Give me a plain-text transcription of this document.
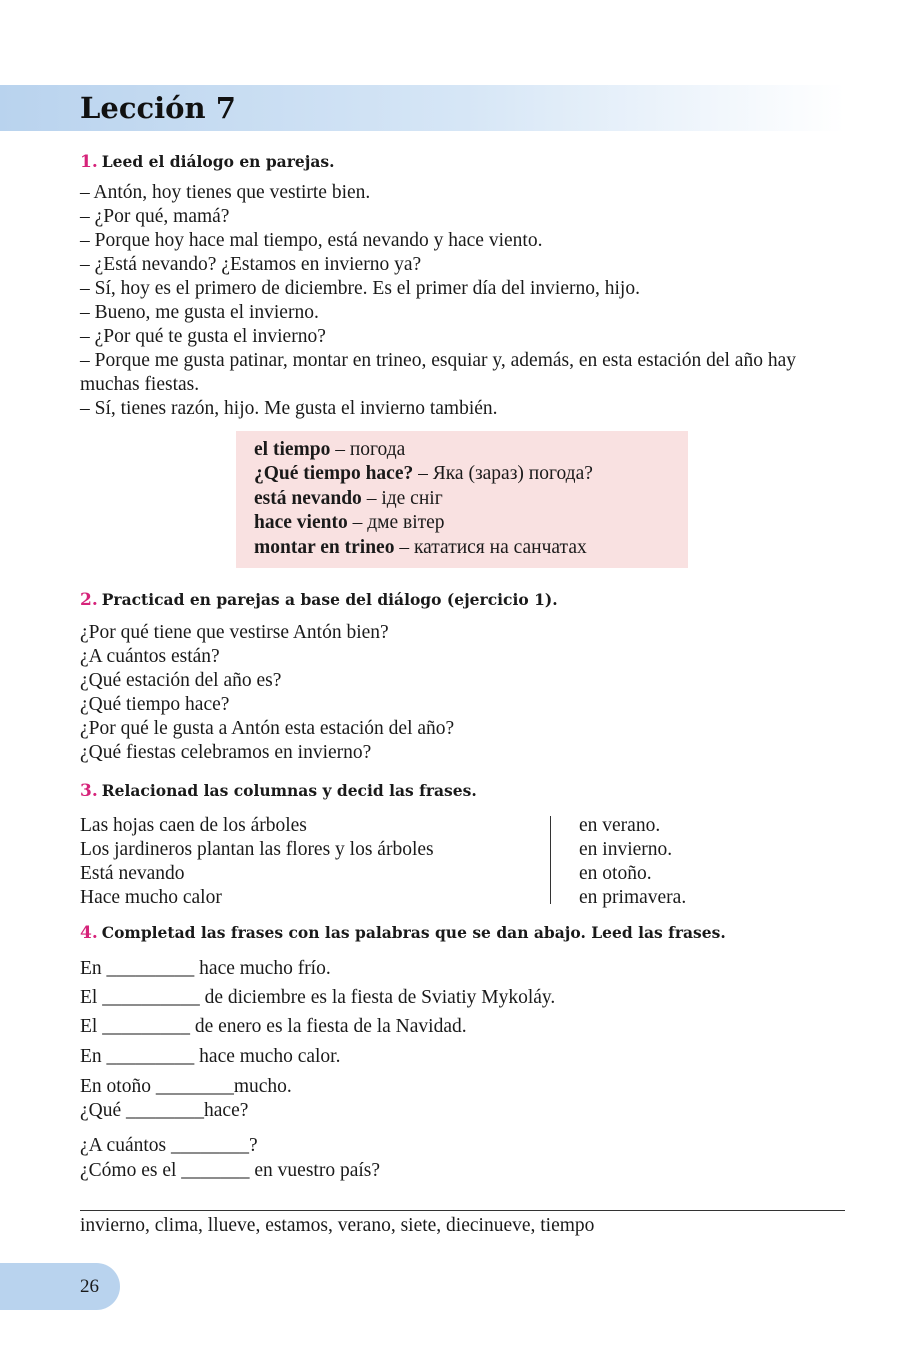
Lección 7

1. Leed el diálogo en parejas.

– Antón, hoy tienes que vestirte bien.
– ¿Por qué, mamá?
– Porque hoy hace mal tiempo, está nevando y hace viento.
– ¿Está nevando? ¿Estamos en invierno ya?
– Sí, hoy es el primero de diciembre. Es el primer día del invierno, hijo.
– Bueno, me gusta el invierno.
– ¿Por qué te gusta el invierno?
– Porque me gusta patinar, montar en trineo, esquiar y, además, en esta estación del año hay muchas fiestas.
– Sí, tienes razón, hijo. Me gusta el invierno también.
el tiempo – погода
¿Qué tiempo hace? – Яка (зараз) погода?
está nevando – іде сніг
hace viento – дме вітер
montar en trineo – кататися на санчатах

2. Practicad en parejas a base del diálogo (ejercicio 1).

¿Por qué tiene que vestirse Antón bien?
¿A cuántos están?
¿Qué estación del año es?
¿Qué tiempo hace?
¿Por qué le gusta a Antón esta estación del año?
¿Qué fiestas celebramos en invierno?

3. Relacionad las columnas y decid las frases.

Las hojas caen de los árboles
Los jardineros plantan las flores y los árboles
Está nevando
Hace mucho calor
en verano.
en invierno.
en otoño.
en primavera.

4. Completad las frases con las palabras que se dan abajo. Leed las frases.

En _________ hace mucho frío.
El __________ de diciembre es la fiesta de Sviatiy Mykoláy.
El _________ de enero es la fiesta de la Navidad.
En _________ hace mucho calor.
En otoño ________mucho.
¿Qué ________hace?
¿A cuántos ________?
¿Cómo es el _______ en vuestro país?
invierno, clima, llueve, estamos, verano, siete, diecinueve, tiempo
26
